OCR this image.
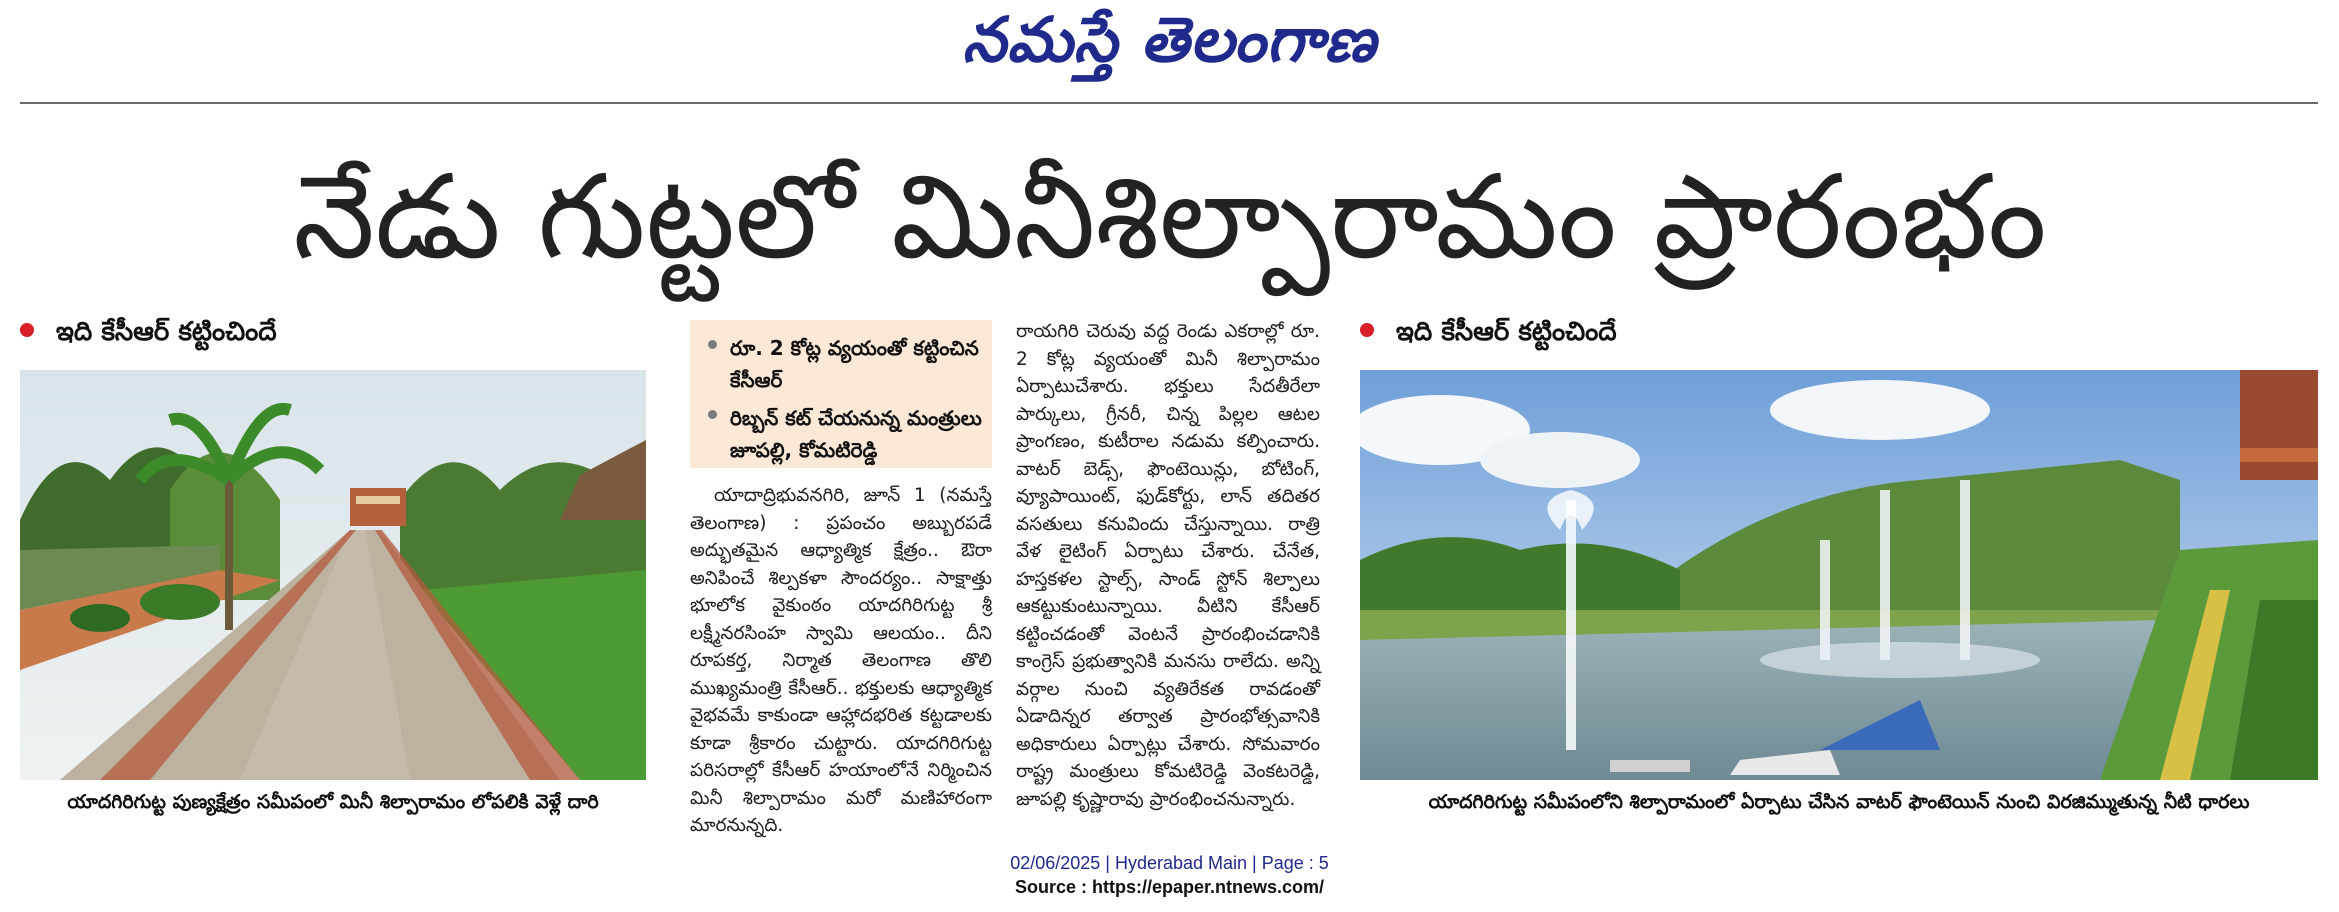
నమస్తే తెలంగాణ
నేడు గుట్టలో మినీశిల్పారామం ప్రారంభం
ఇది కేసీఆర్ కట్టించిందే
యాదగిరిగుట్ట పుణ్యక్షేత్రం సమీపంలో మినీ శిల్పారామం లోపలికి వెళ్లే దారి
రూ. 2 కోట్ల వ్యయంతో కట్టించిన కేసీఆర్
రిబ్బన్ కట్ చేయనున్న మంత్రులు జూపల్లి, కోమటిరెడ్డి

యాదాద్రిభువనగిరి, జూన్ 1 (నమస్తే తెలంగాణ) : ప్రపంచం అబ్బురపడే అద్భుతమైన ఆధ్యాత్మిక క్షేత్రం.. ఔరా అనిపించే శిల్పకళా సౌందర్యం.. సాక్షాత్తు భూలోక వైకుంఠం యాదగిరిగుట్ట శ్రీ లక్ష్మీనరసింహ స్వామి ఆలయం.. దీని రూపకర్త, నిర్మాత తెలంగాణ తొలి ముఖ్యమంత్రి కేసీఆర్.. భక్తులకు ఆధ్యాత్మిక వైభవమే కాకుండా ఆహ్లాదభరిత కట్టడాలకు కూడా శ్రీకారం చుట్టారు. యాదగిరిగుట్ట పరిసరాల్లో కేసీఆర్ హయాంలోనే నిర్మించిన మినీ శిల్పారామం మరో మణిహారంగా మారనున్నది.

రాయగిరి చెరువు వద్ద రెండు ఎకరాల్లో రూ. 2 కోట్ల వ్యయంతో మినీ శిల్పారామం ఏర్పాటుచేశారు. భక్తులు సేదతీరేలా పార్కులు, గ్రీనరీ, చిన్న పిల్లల ఆటల ప్రాంగణం, కుటీరాల నడుమ కల్పించారు. వాటర్ బెడ్స్, ఫౌంటెయిన్లు, బోటింగ్, వ్యూపాయింట్, ఫుడ్‌కోర్టు, లాన్ తదితర వసతులు కనువిందు చేస్తున్నాయి. రాత్రి వేళ లైటింగ్ ఏర్పాటు చేశారు. చేనేత, హస్తకళల స్టాల్స్, సాండ్ స్టోన్ శిల్పాలు ఆకట్టుకుంటున్నాయి. వీటిని కేసీఆర్ కట్టించడంతో వెంటనే ప్రారంభించడానికి కాంగ్రెస్ ప్రభుత్వానికి మనసు రాలేదు. అన్ని వర్గాల నుంచి వ్యతిరేకత రావడంతో ఏడాదిన్నర తర్వాత ప్రారంభోత్సవానికి అధికారులు ఏర్పాట్లు చేశారు. సోమవారం రాష్ట్ర మంత్రులు కోమటిరెడ్డి వెంకటరెడ్డి, జూపల్లి కృష్ణారావు ప్రారంభించనున్నారు.

ఇది కేసీఆర్ కట్టించిందే
యాదగిరిగుట్ట సమీపంలోని శిల్పారామంలో ఏర్పాటు చేసిన వాటర్ ఫౌంటెయిన్ నుంచి విరజిమ్ముతున్న నీటి ధారలు
02/06/2025 | Hyderabad Main | Page : 5
Source : https://epaper.ntnews.com/
